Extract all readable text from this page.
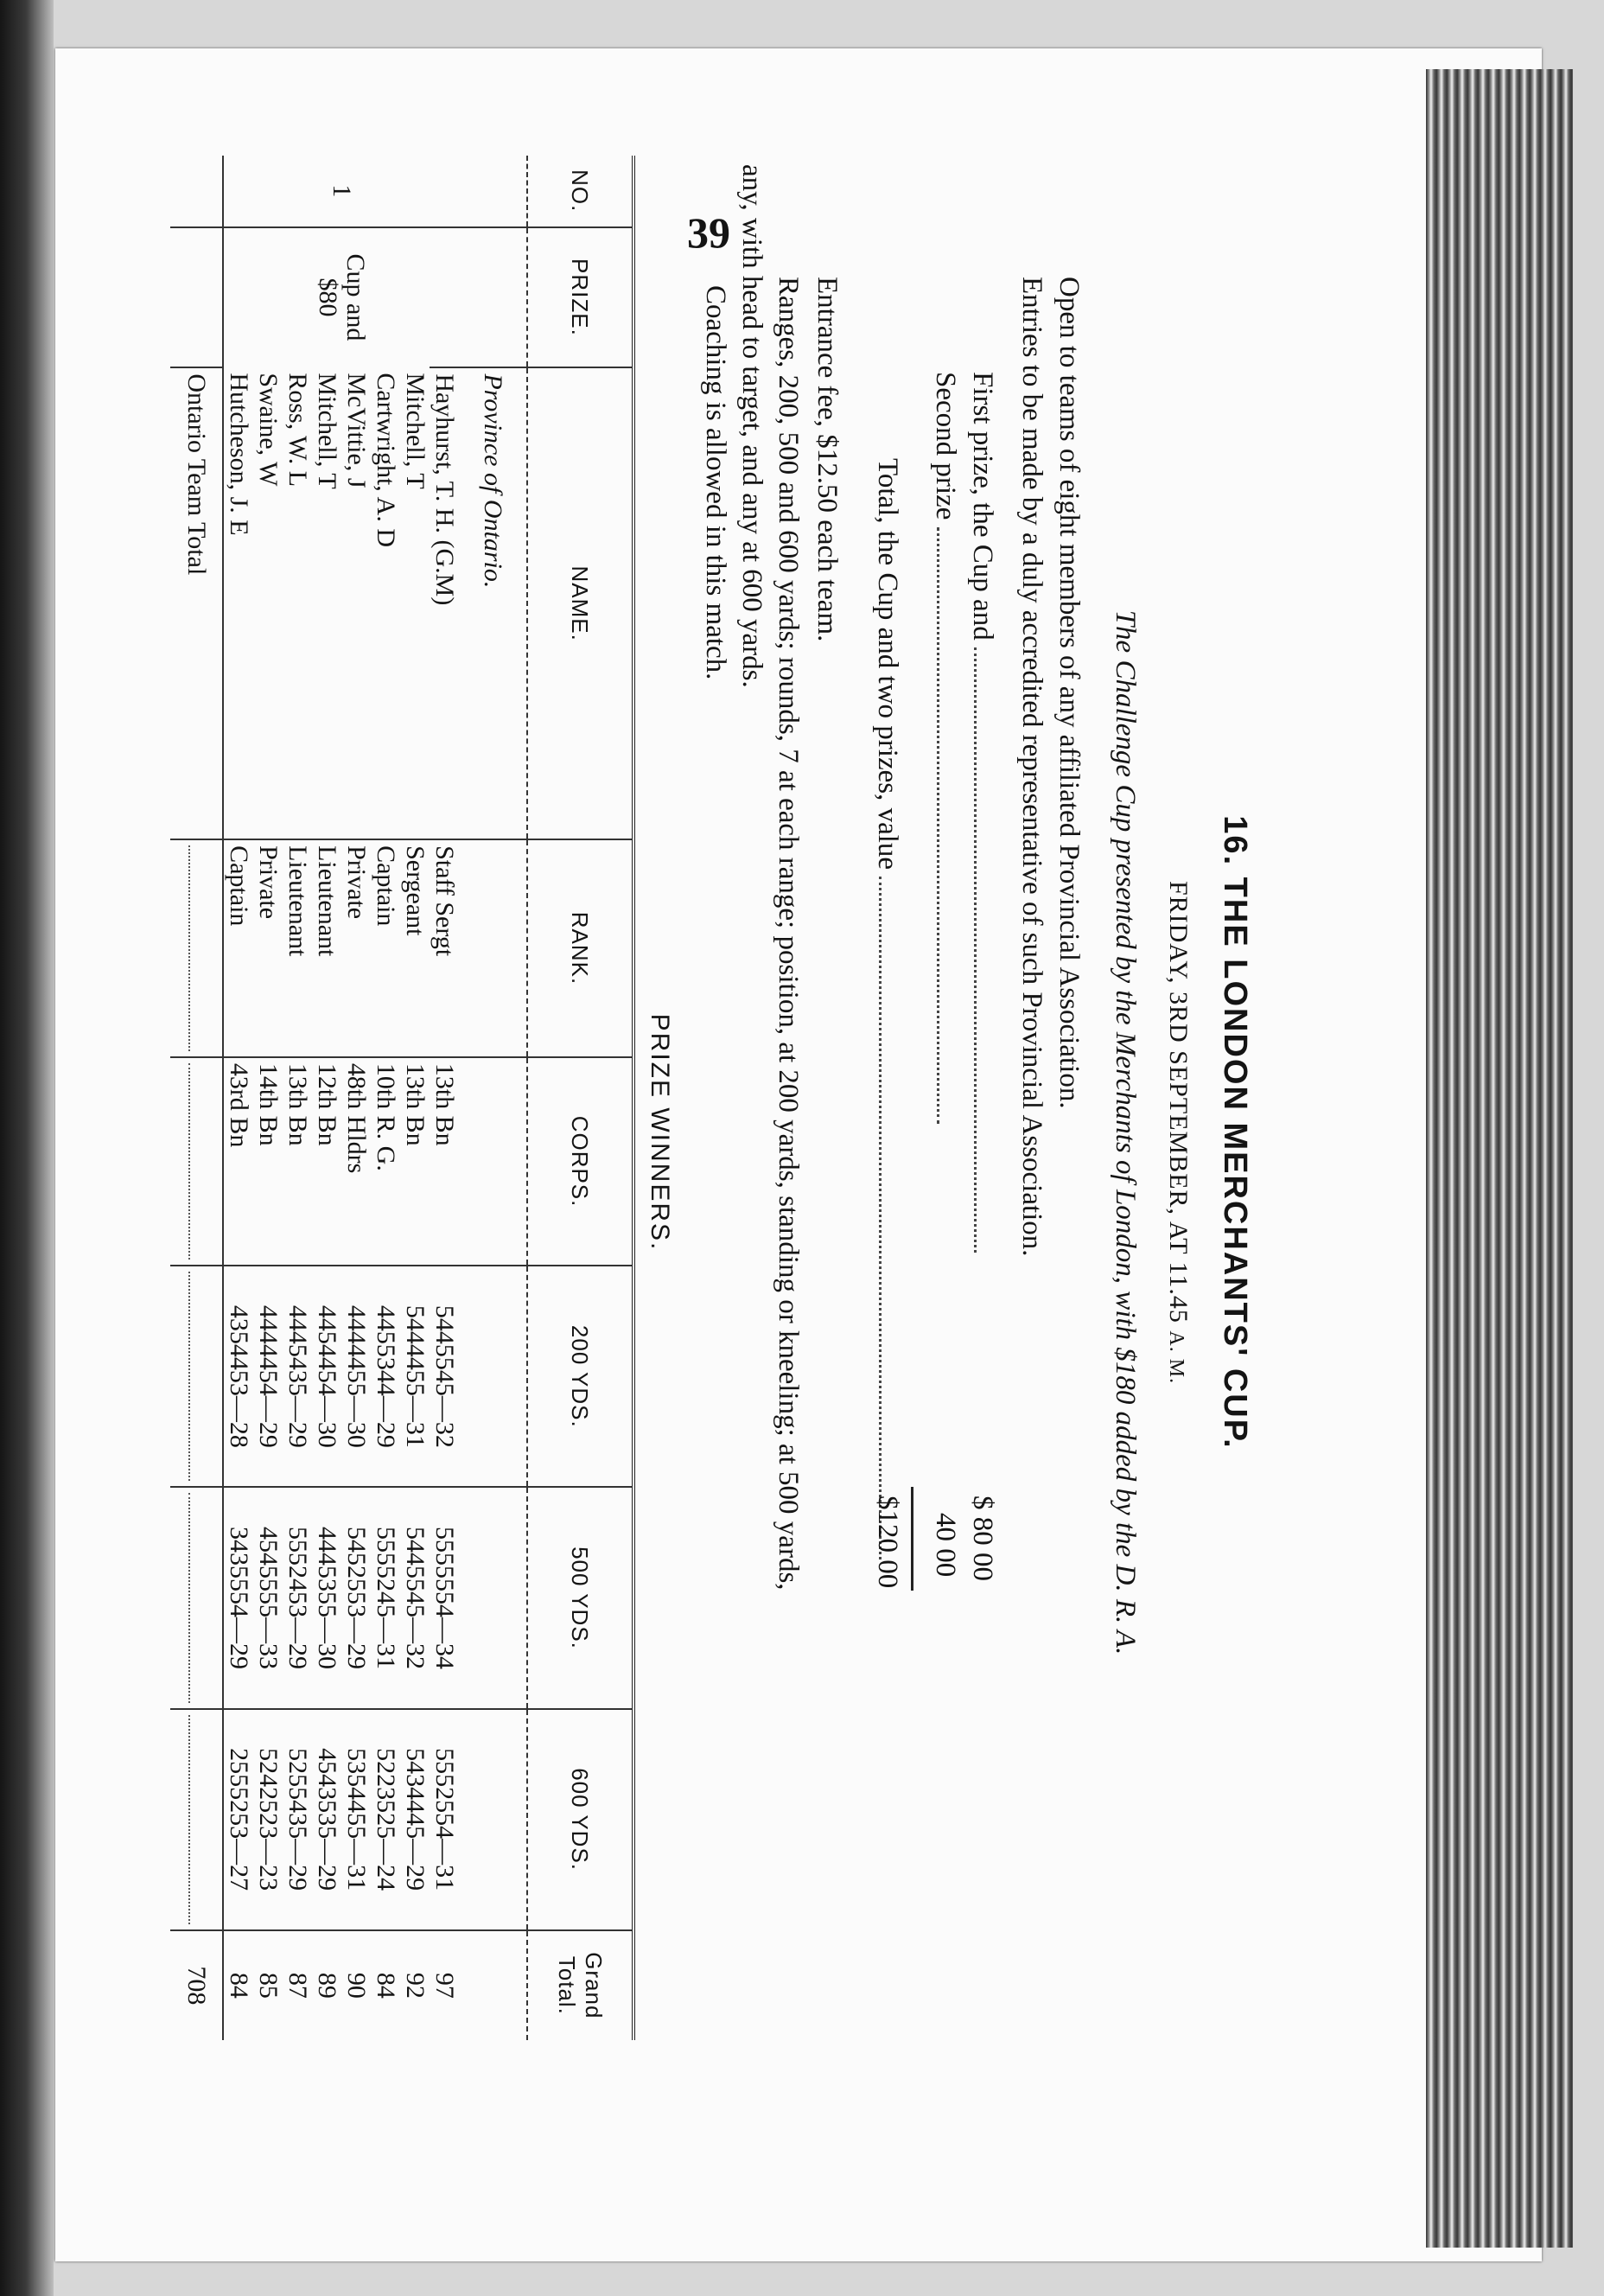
16. THE LONDON MERCHANTS' CUP.
FRIDAY, 3RD SEPTEMBER, AT 11.45 A. M.
The Challenge Cup presented by the Merchants of London, with $180 added by the D. R. A.
Open to teams of eight members of any affiliated Provincial Association.
Entries to be made by a duly accredited representative of such Provincial Association.
First prize, the Cup and
$ 80 00
Second prize
40 00
Total, the Cup and two prizes, value
$120 00
Entrance fee, $12.50 each team.
Ranges, 200, 500 and 600 yards; rounds, 7 at each range; position, at 200 yards, standing or kneeling; at 500 yards,
any, with head to target, and any at 600 yards.
Coaching is allowed in this match.
PRIZE WINNERS.
NO.	PRIZE.	NAME.	RANK.	CORPS.	200 YDS.	500 YDS.	600 YDS.	Grand Total.
		Province of Ontario.						
1	Cup and $80	Hayhurst, T. H. (G.M)	Staff Sergt	13th Bn	5445545—32	5555554—34	5552554—31	97
		Mitchell, T	Sergeant	13th Bn	5444455—31	5445545—32	5434445—29	92
		Cartwright, A. D	Captain	10th R. G.	4455344—29	5555245—31	5223525—24	84
		McVittie, J	Private	48th Hldrs	4444455—30	5452553—29	5354455—31	90
		Mitchell, T	Lieutenant	12th Bn	4454454—30	4445355—30	4543535—29	89
		Ross, W. L	Lieutenant	13th Bn	4445435—29	5552453—29	5255435—29	87
		Swaine, W	Private	14th Bn	4444454—29	4545555—33	5242523—23	85
		Hutcheson, J. E	Captain	43rd Bn	4354453—28	3435554—29	2555253—27	84
		Ontario Team Total						708
39
